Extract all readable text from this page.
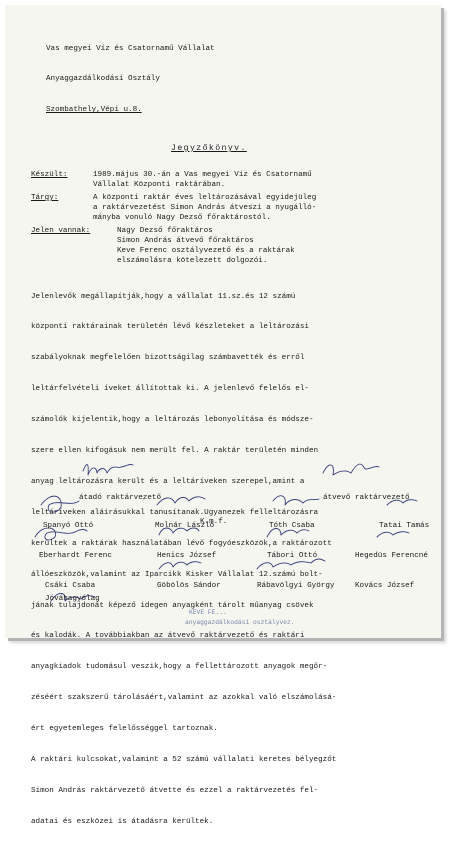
Vas megyei Víz és Csatornamű Vállalat

Anyaggazdálkodási Osztály

Szombathely,Vépi u.8.

Jegyzőkönyv.
Készült:	1989.május 30.-án a Vas megyei Víz és Csatornamű
Vállalat Központi raktárában.
Tárgy:	A központi raktár éves leltározásával egyidejüleg
a raktárvezetést Simon András átveszi a nyugálló-
mányba vonuló Nagy Dezső főraktárostól.
Jelen vannak:	Nagy Dezső főraktáros
Simon András átvevő főraktáros
Keve Ferenc osztályvezető és a raktárak
elszámolásra kötelezett dolgozói.

Jelenlevők megállapítják,hogy a vállalat 11.sz.és 12 számú

központi raktárainak területén lévő készleteket a leltározási

szabályoknak megfelelően bizottságilag számbavették és erről

leltárfelvételi íveket állítottak ki. A jelenlevő felelős el-

számolók kijelentik,hogy a leltározás lebonyolítása és módsze-

szere ellen kifogásuk nem merült fel. A raktár területén minden

anyag leltározásra került és a leltáríveken szerepel,amint a

leltáríveken aláírásukkal tanusítanak.Ugyanezek felleltározásra

kerültek a raktárak használatában lévő fogyóeszközök,a raktározott

állóeszközök,valamint az Iparcikk Kisker Vállalat 12.számú bolt-

jának tulajdonát képező idegen anyagként tárolt műanyag csövek

és kalodák. A továbbiakban az átvevő raktárvezető és raktári

anyagkiadok tudomásul veszik,hogy a fellettározott anyagok megőr-

zéséért szakszerű tárolásáért,valamint az azokkal való elszámolásá-

ért egyetemleges felelősséggel tartoznak.

A raktári kulcsokat,valamint a 52 számú vállalati keretes bélyegzőt

Simon András raktárvezető átvette és ezzel a raktárvezetés fel-

adatai és eszközei is átadásra kerültek.

K.m.f.
átadó raktárvezető	átvevő raktárvezető
Spanyó Ottó	Molnár László	Tóth Csaba	Tatai Tamás
Eberhardt Ferenc	Henics József	Tábori Ottó	Hegedüs Ferencné
Csáki Csaba	Göbölös Sándor	Rábavölgyi György	Kovács József
Jóváhagyólag
KEVE FE...
anyaggazdálkodási osztályvez.
